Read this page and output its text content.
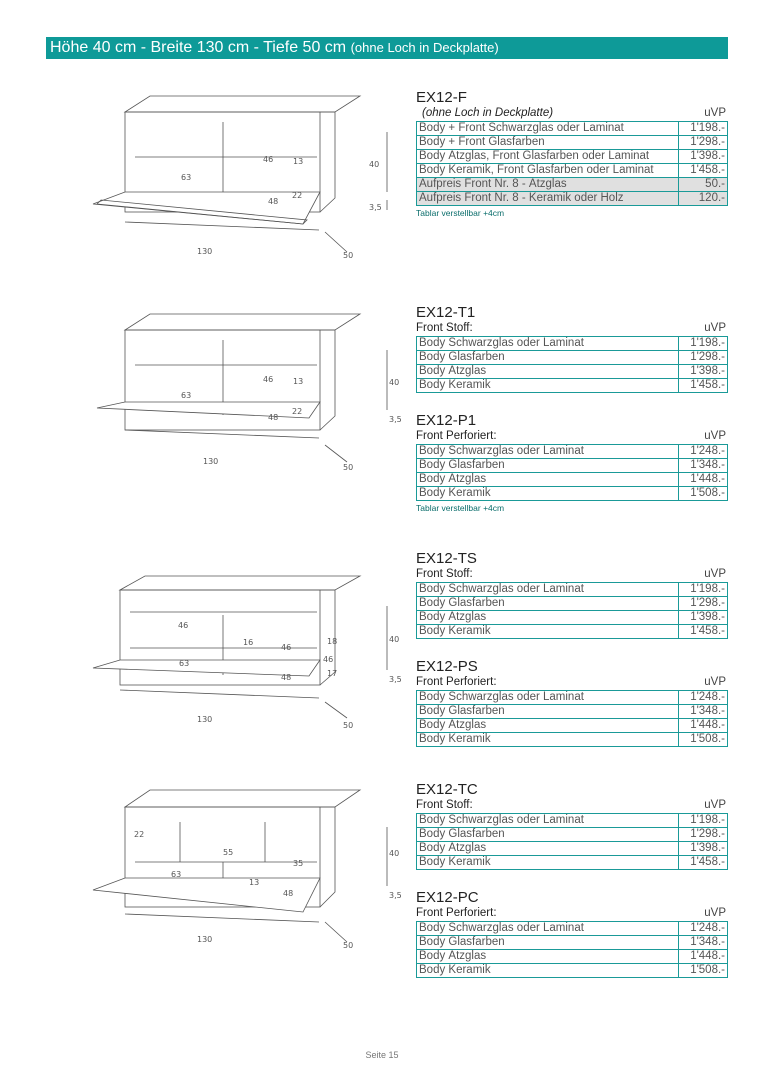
Höhe 40 cm - Breite 130 cm - Tiefe 50 cm (ohne Loch in Deckplatte)
EX12-F
(ohne Loch in Deckplatte)	uVP
Body + Front Schwarzglas oder Laminat	1'198.-
Body + Front Glasfarben	1'298.-
Body Ätzglas, Front Glasfarben oder Laminat	1'398.-
Body Keramik, Front Glasfarben oder Laminat	1'458.-
Aufpreis Front Nr. 8 - Ätzglas	50.-
Aufpreis Front Nr. 8 - Keramik oder Holz	120.-
Tablar verstellbar +4cm
EX12-T1
Front Stoff:	uVP
Body Schwarzglas oder Laminat	1'198.-
Body Glasfarben	1'298.-
Body Ätzglas	1'398.-
Body Keramik	1'458.-
EX12-P1
Front Perforiert:	uVP
Body Schwarzglas oder Laminat	1'248.-
Body Glasfarben	1'348.-
Body Ätzglas	1'448.-
Body Keramik	1'508.-
Tablar verstellbar +4cm
EX12-TS
Front Stoff:	uVP
Body Schwarzglas oder Laminat	1'198.-
Body Glasfarben	1'298.-
Body Ätzglas	1'398.-
Body Keramik	1'458.-
EX12-PS
Front Perforiert:	uVP
Body Schwarzglas oder Laminat	1'248.-
Body Glasfarben	1'348.-
Body Ätzglas	1'448.-
Body Keramik	1'508.-
EX12-TC
Front Stoff:	uVP
Body Schwarzglas oder Laminat	1'198.-
Body Glasfarben	1'298.-
Body Ätzglas	1'398.-
Body Keramik	1'458.-
EX12-PC
Front Perforiert:	uVP
Body Schwarzglas oder Laminat	1'248.-
Body Glasfarben	1'348.-
Body Ätzglas	1'448.-
Body Keramik	1'508.-
130	50
40
3,5
46 13
63
48
22
130
50
40
3,5
46 13
63
48
22
130
50
40
3,5
46
16
63
48	17
46
18
46
130
50
40
3,5
22
55
63
48
35
13
Seite 15
